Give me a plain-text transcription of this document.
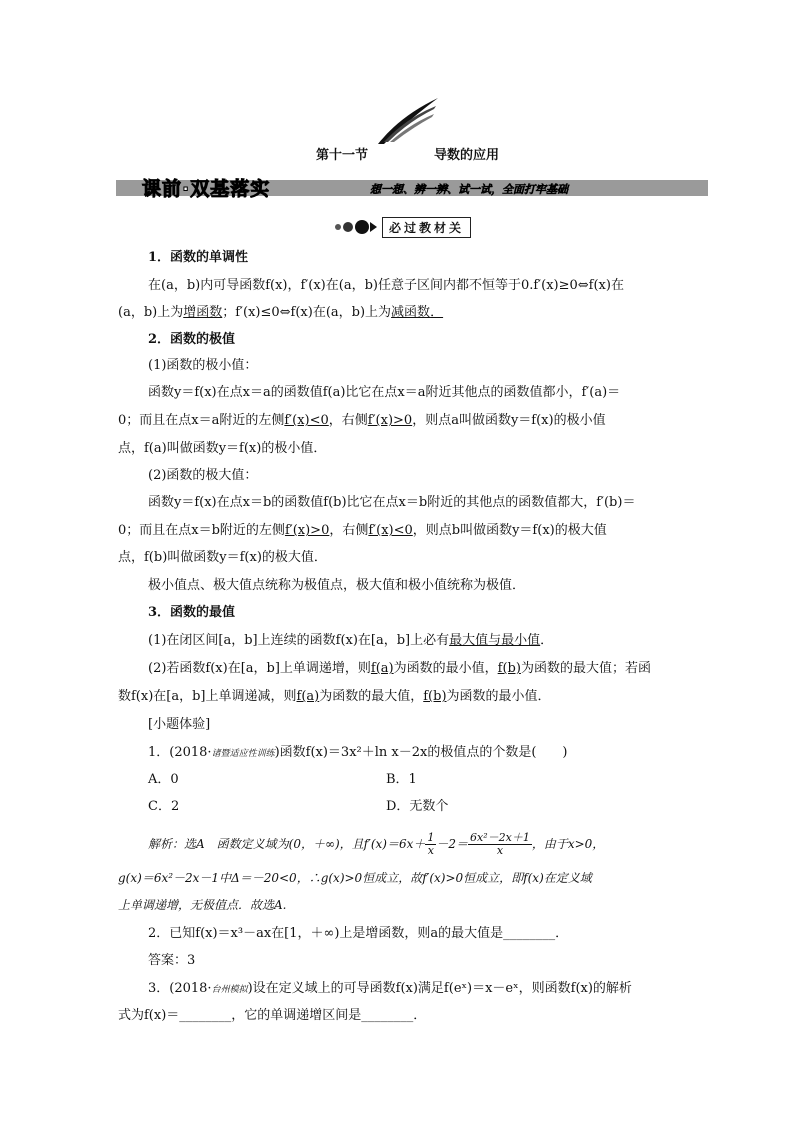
第十一节	导数的应用
课前·双基落实	想一想、辨一辨、试一试，全面打牢基础
必过教材关
1．函数的单调性
在(a，b)内可导函数f(x)，f′(x)在(a，b)任意子区间内都不恒等于0.f′(x)≥0⇔f(x)在
(a，b)上为增函数；f′(x)≤0⇔f(x)在(a，b)上为减函数．
2．函数的极值
(1)函数的极小值：
函数y＝f(x)在点x＝a的函数值f(a)比它在点x＝a附近其他点的函数值都小，f′(a)＝
0；而且在点x＝a附近的左侧f′(x)<0，右侧f′(x)>0，则点a叫做函数y＝f(x)的极小值
点，f(a)叫做函数y＝f(x)的极小值．
(2)函数的极大值：
函数y＝f(x)在点x＝b的函数值f(b)比它在点x＝b附近的其他点的函数值都大，f′(b)＝
0；而且在点x＝b附近的左侧f′(x)>0，右侧f′(x)<0，则点b叫做函数y＝f(x)的极大值
点，f(b)叫做函数y＝f(x)的极大值．
极小值点、极大值点统称为极值点，极大值和极小值统称为极值．
3．函数的最值
(1)在闭区间[a，b]上连续的函数f(x)在[a，b]上必有最大值与最小值．
(2)若函数f(x)在[a，b]上单调递增，则f(a)为函数的最小值，f(b)为函数的最大值；若函
数f(x)在[a，b]上单调递减，则f(a)为函数的最大值，f(b)为函数的最小值．
[小题体验]
1．(2018·诸暨适应性训练)函数f(x)＝3x²＋ln x－2x的极值点的个数是(　　)
A．0	B．1
C．2	D．无数个
解析：选A　函数定义域为(0，＋∞)，且$f'(x)=6x+ \frac{1}{x} -2= \frac{\text{6x²－2x＋1}}{x}$ ，由于x>0，
g(x)＝6x²－2x－1中Δ＝－20<0，∴g(x)>0恒成立，故f′(x)>0恒成立，即f(x)在定义域
上单调递增，无极值点．故选A.
2．已知f(x)＝x³－ax在[1，＋∞)上是增函数，则a的最大值是________．
答案：3
3．(2018·台州模拟)设在定义域上的可导函数f(x)满足f(eˣ)＝x－eˣ，则函数f(x)的解析
式为f(x)＝________，它的单调递增区间是________．
